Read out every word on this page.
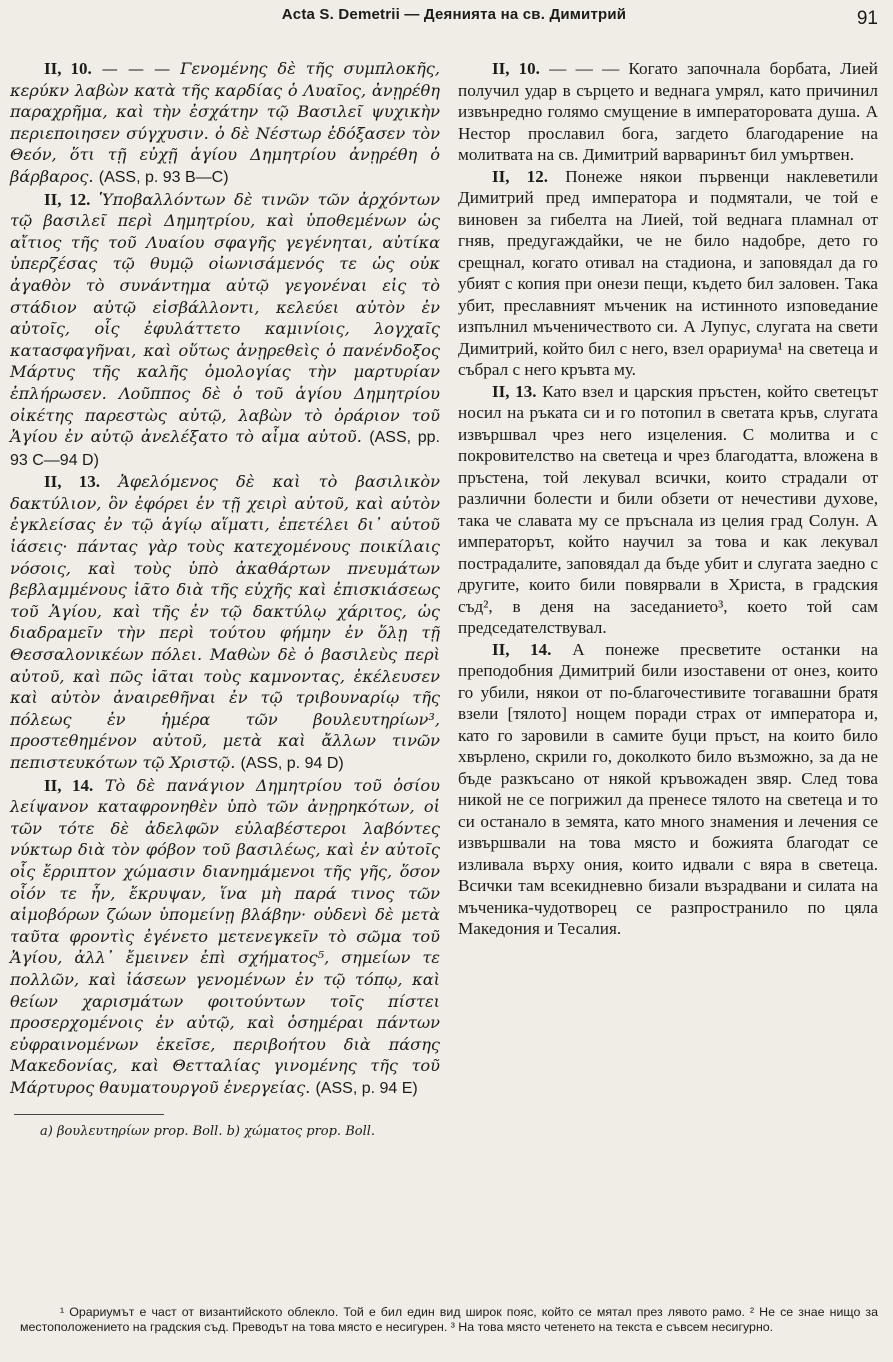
Acta S. Demetrii — Деянията на св. Димитрий	91

II, 10. — — — Γενομένης δὲ τῆς συμπλοκῆς, κερύκν λαβὼν κατὰ τῆς καρδίας ὁ Λυαῖος, ἀνῃρέθη παραχρῆμα, καὶ τὴν ἐσχάτην τῷ Βασιλεῖ ψυχικὴν περιεποιησεν σύγχυσιν. ὁ δὲ Νέστωρ ἐδόξασεν τὸν Θεόν, ὅτι τῇ εὐχῇ ἁγίου Δημητρίου ἀνῃρέθη ὁ βάρβαρος. (ASS, p. 93 B—C)

II, 12. Ὑποβαλλόντων δὲ τινῶν τῶν ἀρχόντων τῷ βασιλεῖ περὶ Δημητρίου, καὶ ὑποθεμένων ὡς αἴτιος τῆς τοῦ Λυαίου σφαγῆς γεγένηται, αὐτίκα ὑπερζέσας τῷ θυμῷ οἰωνισάμενός τε ὡς οὐκ ἀγαθὸν τὸ συνάντημα αὐτῷ γεγονέναι εἰς τὸ στάδιον αὐτῷ εἰσβάλλοντι, κελεύει αὐτὸν ἐν αὐτοῖς, οἷς ἐφυλάττετο καμινίοις, λογχαῖς κατασφαγῆναι, καὶ οὕτως ἀνῃρεθεὶς ὁ πανένδοξος Μάρτυς τῆς καλῆς ὁμολογίας τὴν μαρτυρίαν ἐπλήρωσεν. Λοῦππος δὲ ὁ τοῦ ἁγίου Δημητρίου οἰκέτης παρεστὼς αὐτῷ, λαβὼν τὸ ὀράριον τοῦ Ἁγίου ἐν αὐτῷ ἀνελέξατο τὸ αἷμα αὐτοῦ. (ASS, pp. 93 C—94 D)

II, 13. Ἀφελόμενος δὲ καὶ τὸ βασιλικὸν δακτύλιον, ὃν ἐφόρει ἐν τῇ χειρὶ αὐτοῦ, καὶ αὐτὸν ἐγκλείσας ἐν τῷ ἁγίῳ αἵματι, ἐπετέλει δι᾽ αὐτοῦ ἰάσεις· πάντας γὰρ τοὺς κατεχομένους ποικίλαις νόσοις, καὶ τοὺς ὑπὸ ἀκαθάρτων πνευμάτων βεβλαμμένους ἰᾶτο διὰ τῆς εὐχῆς καὶ ἐπισκιάσεως τοῦ Ἁγίου, καὶ τῆς ἐν τῷ δακτύλῳ χάριτος, ὡς διαδραμεῖν τὴν περὶ τούτου φήμην ἐν ὅλῃ τῇ Θεσσαλονικέων πόλει. Μαθὼν δὲ ὁ βασιλεὺς περὶ αὐτοῦ, καὶ πῶς ἰᾶται τοὺς καμνοντας, ἐκέλευσεν καὶ αὐτὸν ἀναιρεθῆναι ἐν τῷ τριβουναρίῳ τῆς πόλεως ἐν ἡμέρα τῶν βουλευτηρίων³, προστεθημένον αὐτοῦ, μετὰ καὶ ἄλλων τινῶν πεπιστευκότων τῷ Χριστῷ. (ASS, p. 94 D)

II, 14. Τὸ δὲ πανάγιον Δημητρίου τοῦ ὁσίου λείψανον καταφρονηθὲν ὑπὸ τῶν ἀνῃρηκότων, οἱ τῶν τότε δὲ ἀδελφῶν εὐλαβέστεροι λαβόντες νύκτωρ διὰ τὸν φόβον τοῦ βασιλέως, καὶ ἐν αὐτοῖς οἷς ἔρριπτον χώμασιν διανημάμενοι τῆς γῆς, ὅσον οἷόν τε ἦν, ἔκρυψαν, ἵνα μὴ παρά τινος τῶν αἱμοβόρων ζώων ὑπομείνῃ βλάβην· οὐδενὶ δὲ μετὰ ταῦτα φροντὶς ἐγένετο μετενεγκεῖν τὸ σῶμα τοῦ Ἁγίου, ἀλλ᾽ ἔμεινεν ἐπὶ σχήματος⁵, σημείων τε πολλῶν, καὶ ἰάσεων γενομένων ἐν τῷ τόπῳ, καὶ θείων χαρισμάτων φοιτούντων τοῖς πίστει προσερχομένοις ἐν αὐτῷ, καὶ ὁσημέραι πάντων εὐφραινομένων ἐκεῖσε, περιβοήτου διὰ πάσης Μακεδονίας, καὶ Θετταλίας γινομένης τῆς τοῦ Μάρτυρος θαυματουργοῦ ἐνεργείας. (ASS, p. 94 E)

a) βουλευτηρίων prop. Boll. b) χώματος prop. Boll.

II, 10. — — — Когато започнала борбата, Лией получил удар в сърцето и веднага умрял, като причинил извънредно голямо смущение в императоровата душа. А Нестор прославил бога, загдето благодарение на молитвата на св. Димитрий варваринът бил умъртвен.

II, 12. Понеже някои първенци наклеветили Димитрий пред императора и подмятали, че той е виновен за гибелта на Лией, той веднага пламнал от гняв, предугаждайки, че не било надобре, дето го срещнал, когато отивал на стадиона, и заповядал да го убият с копия при онези пещи, където бил заловен. Така убит, преславният мъченик на истинното изповедание изпълнил мъченичеството си. А Лупус, слугата на свети Димитрий, който бил с него, взел орариума¹ на светеца и събрал с него кръвта му.

II, 13. Като взел и царския пръстен, който светецът носил на ръката си и го потопил в светата кръв, слугата извършвал чрез него изцеления. С молитва и с покровителство на светеца и чрез благодатта, вложена в пръстена, той лекувал всички, които страдали от различни болести и били обзети от нечестиви духове, така че славата му се пръснала из целия град Солун. А императорът, който научил за това и как лекувал пострадалите, заповядал да бъде убит и слугата заедно с другите, които били повярвали в Христа, в градския съд², в деня на заседанието³, което той сам председателствувал.

II, 14. А понеже пресветите останки на преподобния Димитрий били изоставени от онез, които го убили, някои от по-благочестивите тогавашни братя взели [тялото] нощем поради страх от императора и, като го заровили в самите буци пръст, на които било хвърлено, скрили го, доколкото било възможно, за да не бъде разкъсано от някой кръвожаден звяр. След това никой не се погрижил да пренесе тялото на светеца и то си останало в земята, като много знамения и лечения се извършвали на това място и божията благодат се изливала върху ония, които идвали с вяра в светеца. Всички там всекидневно бизали възрадвани и силата на мъченика-чудотворец се разпространило по цяла Македония и Тесалия.

¹ Орариумът е част от византийското облекло. Той е бил един вид широк пояс, който се мятал през лявото рамо. ² Не се знае нищо за местоположението на градския съд. Преводът на това място е несигурен. ³ На това място четенето на текста е съвсем несигурно.
